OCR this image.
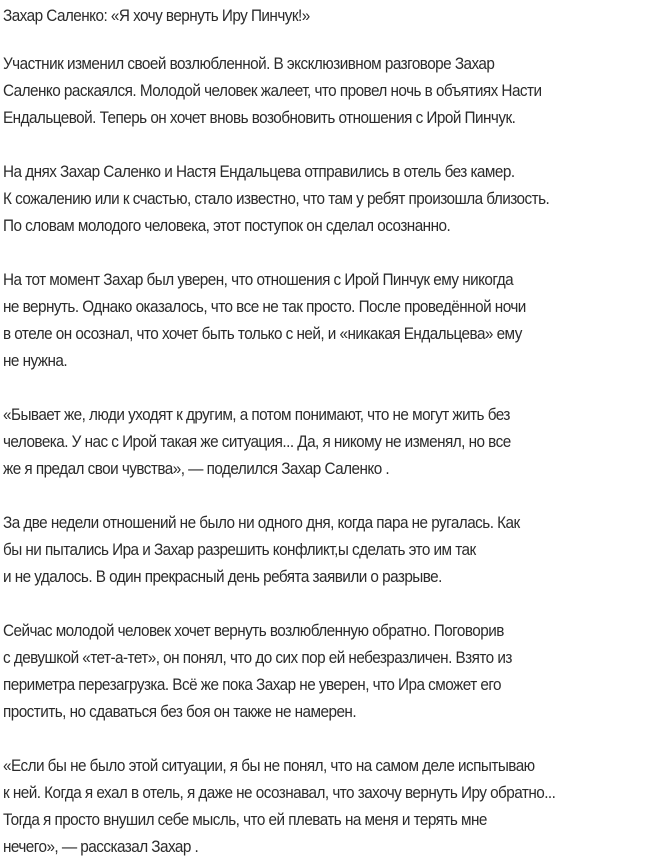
Захар Саленко: «Я хочу вернуть Иру Пинчук!»

Участник изменил своей возлюбленной. В эксклюзивном разговоре Захар
Саленко раскаялся. Молодой человек жалеет, что провел ночь в объятиях Насти
Ендальцевой. Теперь он хочет вновь возобновить отношения с Ирой Пинчук.

На днях Захар Саленко и Настя Ендальцева отправились в отель без камер.
К сожалению или к счастью, стало известно, что там у ребят произошла близость.
По словам молодого человека, этот поступок он сделал осознанно.

На тот момент Захар был уверен, что отношения с Ирой Пинчук ему никогда
не вернуть. Однако оказалось, что все не так просто. После проведённой ночи
в отеле он осознал, что хочет быть только с ней, и «никакая Ендальцева» ему
не нужна.

«Бывает же, люди уходят к другим, а потом понимают, что не могут жить без
человека. У нас с Ирой такая же ситуация... Да, я никому не изменял, но все
же я предал свои чувства», — поделился Захар Саленко .

За две недели отношений не было ни одного дня, когда пара не ругалась. Как
бы ни пытались Ира и Захар разрешить конфликт,ы сделать это им так
и не удалось. В один прекрасный день ребята заявили о разрыве.

Сейчас молодой человек хочет вернуть возлюбленную обратно. Поговорив
с девушкой «тет-а-тет», он понял, что до сих пор ей небезразличен. Взято из
периметра перезагрузка. Всё же пока Захар не уверен, что Ира сможет его
простить, но сдаваться без боя он также не намерен.

«Если бы не было этой ситуации, я бы не понял, что на самом деле испытываю
к ней. Когда я ехал в отель, я даже не осознавал, что захочу вернуть Иру обратно...
Тогда я просто внушил себе мысль, что ей плевать на меня и терять мне
нечего», — рассказал Захар .
